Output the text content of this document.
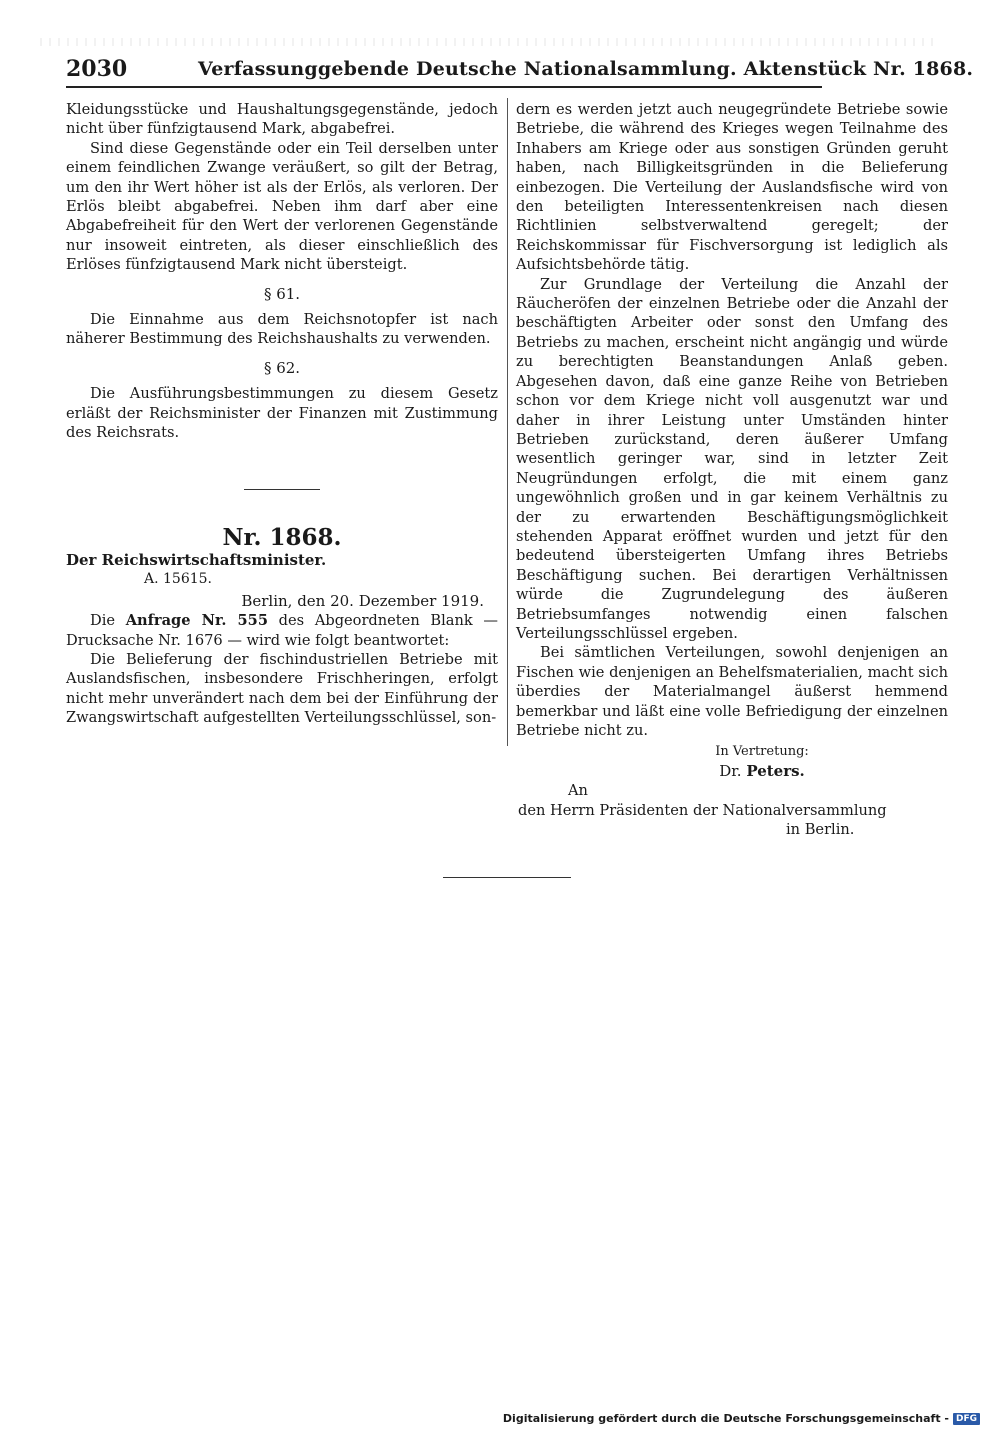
2030	Verfassunggebende Deutsche Nationalsammlung. Aktenstück Nr. 1868.

Kleidungsstücke und Haushaltungsgegenstände, jedoch nicht über fünfzigtausend Mark, abgabefrei.

Sind diese Gegenstände oder ein Teil derselben unter einem feindlichen Zwange veräußert, so gilt der Betrag, um den ihr Wert höher ist als der Erlös, als verloren. Der Erlös bleibt abgabefrei. Neben ihm darf aber eine Abgabefreiheit für den Wert der verlorenen Gegenstände nur insoweit eintreten, als dieser einschließlich des Erlöses fünfzigtausend Mark nicht übersteigt.

§ 61.

Die Einnahme aus dem Reichsnotopfer ist nach näherer Bestimmung des Reichshaushalts zu verwenden.

§ 62.

Die Ausführungsbestimmungen zu diesem Gesetz erläßt der Reichsminister der Finanzen mit Zustimmung des Reichsrats.

Nr. 1868.
Der Reichswirtschaftsminister.
A. 15615.
Berlin, den 20. Dezember 1919.

Die Anfrage Nr. 555 des Abgeordneten Blank — Drucksache Nr. 1676 — wird wie folgt beantwortet:

Die Belieferung der fischindustriellen Betriebe mit Auslandsfischen, insbesondere Frischheringen, erfolgt nicht mehr unverändert nach dem bei der Einführung der Zwangswirtschaft aufgestellten Verteilungsschlüssel, son-

dern es werden jetzt auch neugegründete Betriebe sowie Betriebe, die während des Krieges wegen Teilnahme des Inhabers am Kriege oder aus sonstigen Gründen geruht haben, nach Billigkeitsgründen in die Belieferung einbezogen. Die Verteilung der Auslandsfische wird von den beteiligten Interessentenkreisen nach diesen Richtlinien selbstverwaltend geregelt; der Reichskommissar für Fischversorgung ist lediglich als Aufsichtsbehörde tätig.

Zur Grundlage der Verteilung die Anzahl der Räucheröfen der einzelnen Betriebe oder die Anzahl der beschäftigten Arbeiter oder sonst den Umfang des Betriebs zu machen, erscheint nicht angängig und würde zu berechtigten Beanstandungen Anlaß geben. Abgesehen davon, daß eine ganze Reihe von Betrieben schon vor dem Kriege nicht voll ausgenutzt war und daher in ihrer Leistung unter Umständen hinter Betrieben zurückstand, deren äußerer Umfang wesentlich geringer war, sind in letzter Zeit Neugründungen erfolgt, die mit einem ganz ungewöhnlich großen und in gar keinem Verhältnis zu der zu erwartenden Beschäftigungsmöglichkeit stehenden Apparat eröffnet wurden und jetzt für den bedeutend übersteigerten Umfang ihres Betriebs Beschäftigung suchen. Bei derartigen Verhältnissen würde die Zugrundelegung des äußeren Betriebsumfanges notwendig einen falschen Verteilungsschlüssel ergeben.

Bei sämtlichen Verteilungen, sowohl denjenigen an Fischen wie denjenigen an Behelfsmaterialien, macht sich überdies der Materialmangel äußerst hemmend bemerkbar und läßt eine volle Befriedigung der einzelnen Betriebe nicht zu.

In Vertretung:
Dr. Peters.
An
den Herrn Präsidenten der Nationalversammlung
in Berlin.
Digitalisierung gefördert durch die Deutsche Forschungsgemeinschaft - DFG
